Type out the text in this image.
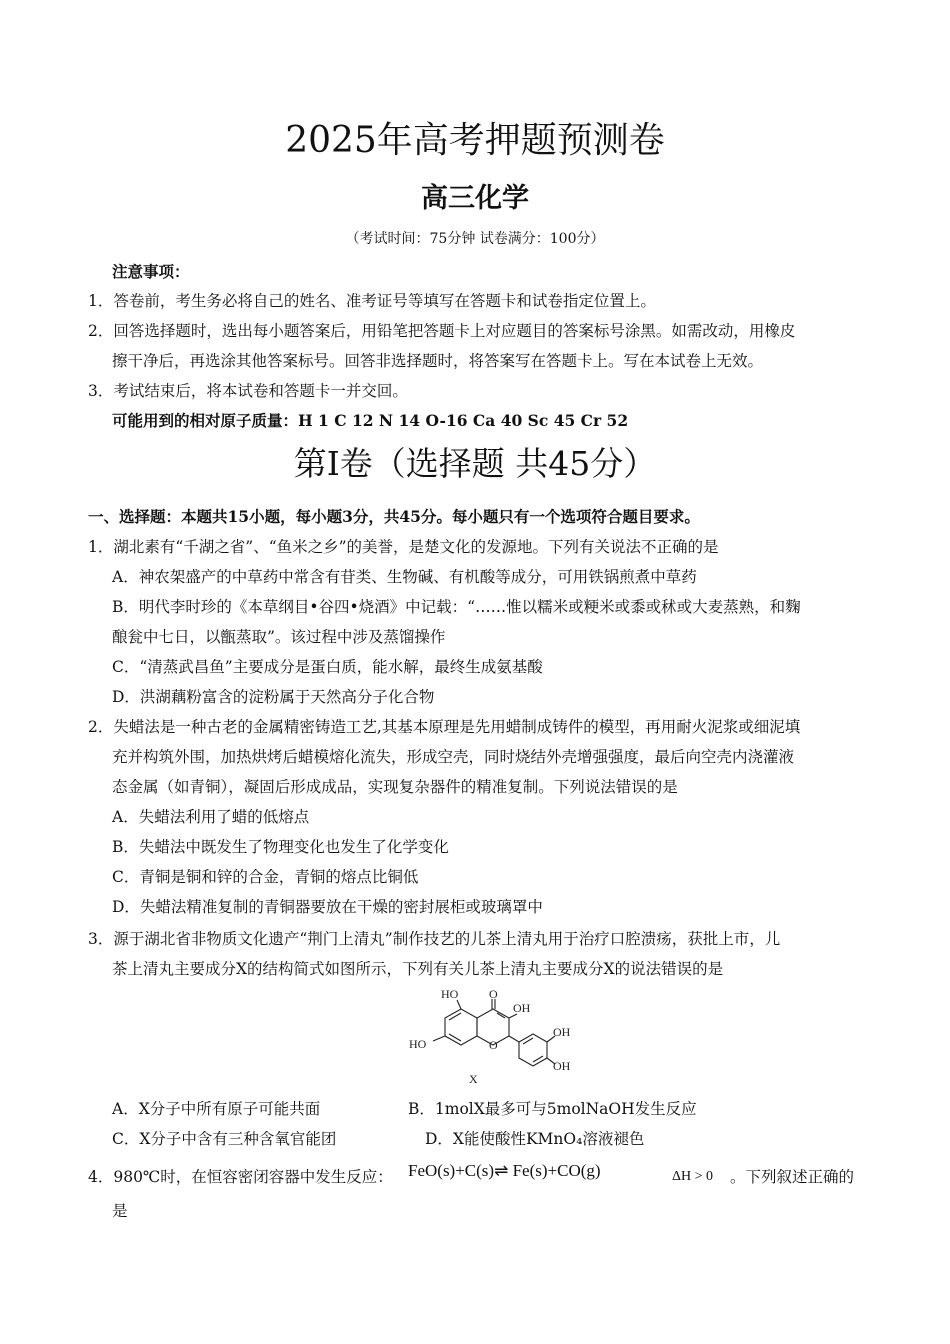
2025年高考押题预测卷
高三化学
（考试时间：75分钟 试卷满分：100分）
注意事项：
1．答卷前，考生务必将自己的姓名、准考证号等填写在答题卡和试卷指定位置上。
2．回答选择题时，选出每小题答案后，用铅笔把答题卡上对应题目的答案标号涂黑。如需改动，用橡皮
擦干净后，再选涂其他答案标号。回答非选择题时，将答案写在答题卡上。写在本试卷上无效。
3．考试结束后，将本试卷和答题卡一并交回。
可能用到的相对原子质量：H 1 C 12 N 14 O-16 Ca 40 Sc 45 Cr 52
第Ⅰ卷（选择题 共45分）
一、选择题：本题共15小题，每小题3分，共45分。每小题只有一个选项符合题目要求。
1．湖北素有“千湖之省”、“鱼米之乡”的美誉，是楚文化的发源地。下列有关说法不正确的是
A．神农架盛产的中草药中常含有苷类、生物碱、有机酸等成分，可用铁锅煎煮中草药
B．明代李时珍的《本草纲目•谷四•烧酒》中记载：“……惟以糯米或粳米或黍或秫或大麦蒸熟，和麴
酿瓮中七日，以甑蒸取”。该过程中涉及蒸馏操作
C．“清蒸武昌鱼”主要成分是蛋白质，能水解，最终生成氨基酸
D．洪湖藕粉富含的淀粉属于天然高分子化合物
2．失蜡法是一种古老的金属精密铸造工艺,其基本原理是先用蜡制成铸件的模型，再用耐火泥浆或细泥填
充并构筑外围，加热烘烤后蜡模熔化流失，形成空壳，同时烧结外壳增强强度，最后向空壳内浇灌液
态金属（如青铜），凝固后形成成品，实现复杂器件的精准复制。下列说法错误的是
A．失蜡法利用了蜡的低熔点
B．失蜡法中既发生了物理变化也发生了化学变化
C．青铜是铜和锌的合金，青铜的熔点比铜低
D．失蜡法精准复制的青铜器要放在干燥的密封展柜或玻璃罩中
3．源于湖北省非物质文化遗产“荆门上清丸”制作技艺的儿茶上清丸用于治疗口腔溃疡，获批上市，儿
茶上清丸主要成分X的结构简式如图所示，下列有关儿茶上清丸主要成分X的说法错误的是
HO	O
OH
OH
OH
HO	O
X
A．X分子中所有原子可能共面	B．1molX最多可与5molNaOH发生反应
C．X分子中含有三种含氧官能团	D．X能使酸性KMnO₄溶液褪色
4．980℃时，在恒容密闭容器中发生反应： FeO(s)+C(s)⇌ Fe(s)+CO(g)	ΔH > 0 。下列叙述正确的
是
